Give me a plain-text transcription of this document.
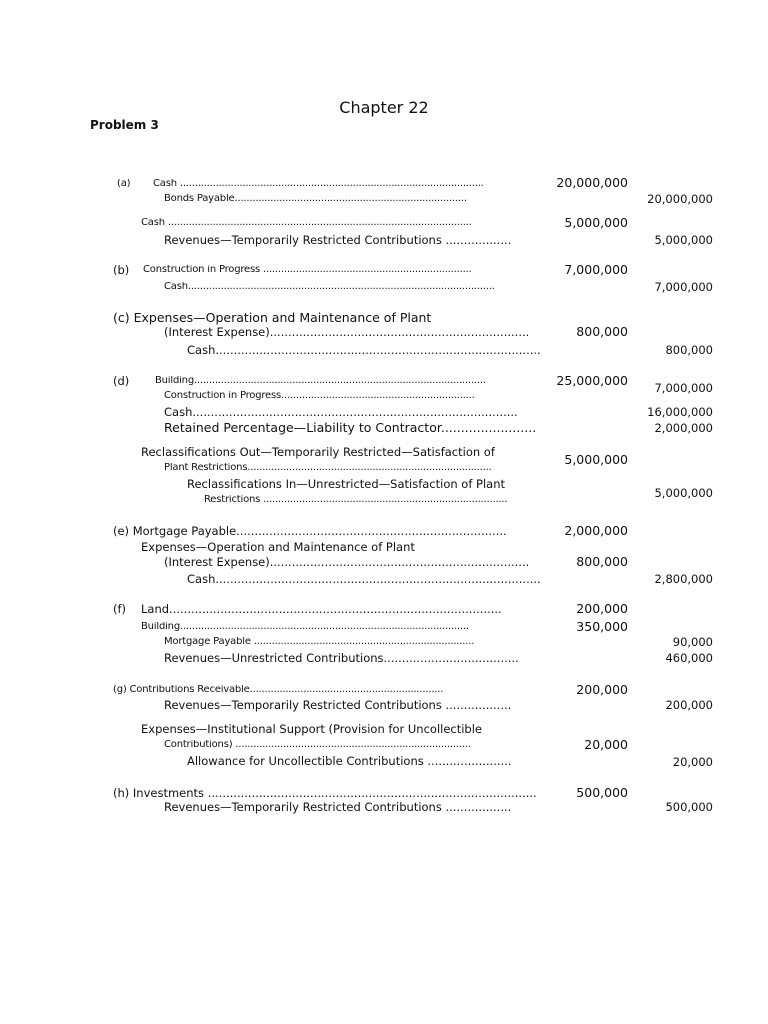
Chapter 22
Problem 3
(a) Cash ......................................................................................................
Bonds Payable..............................................................................
Cash ......................................................................................................
Revenues—Temporarily Restricted Contributions ..................
(b) Construction in Progress ......................................................................
Cash.......................................................................................................
(c) Expenses—Operation and Maintenance of Plant
(Interest Expense).......................................................................
Cash.........................................................................................
(d)	Building..................................................................................................
Construction in Progress.................................................................
Cash.........................................................................................
Retained Percentage—Liability to Contractor........................
Reclassifications Out—Temporarily Restricted—Satisfaction of
Plant Restrictions..................................................................................
Reclassifications In—Unrestricted—Satisfaction of Plant
Restrictions ..................................................................................
(e) Mortgage Payable..........................................................................
Expenses—Operation and Maintenance of Plant
(Interest Expense).......................................................................
Cash.........................................................................................
(f) Land...........................................................................................
Building.................................................................................................
Mortgage Payable ..........................................................................
Revenues—Unrestricted Contributions.....................................
(g) Contributions Receivable.................................................................
Revenues—Temporarily Restricted Contributions ..................
Expenses—Institutional Support (Provision for Uncollectible
Contributions) ...............................................................................
Allowance for Uncollectible Contributions .......................
(h) Investments ..........................................................................................
Revenues—Temporarily Restricted Contributions ..................
20,000,000
5,000,000
7,000,000
800,000
25,000,000
5,000,000
2,000,000
800,000
200,000
350,000
200,000
20,000
500,000
20,000,000
5,000,000
7,000,000
800,000
7,000,000
16,000,000
2,000,000
5,000,000
2,800,000
90,000
460,000
200,000
20,000
500,000
